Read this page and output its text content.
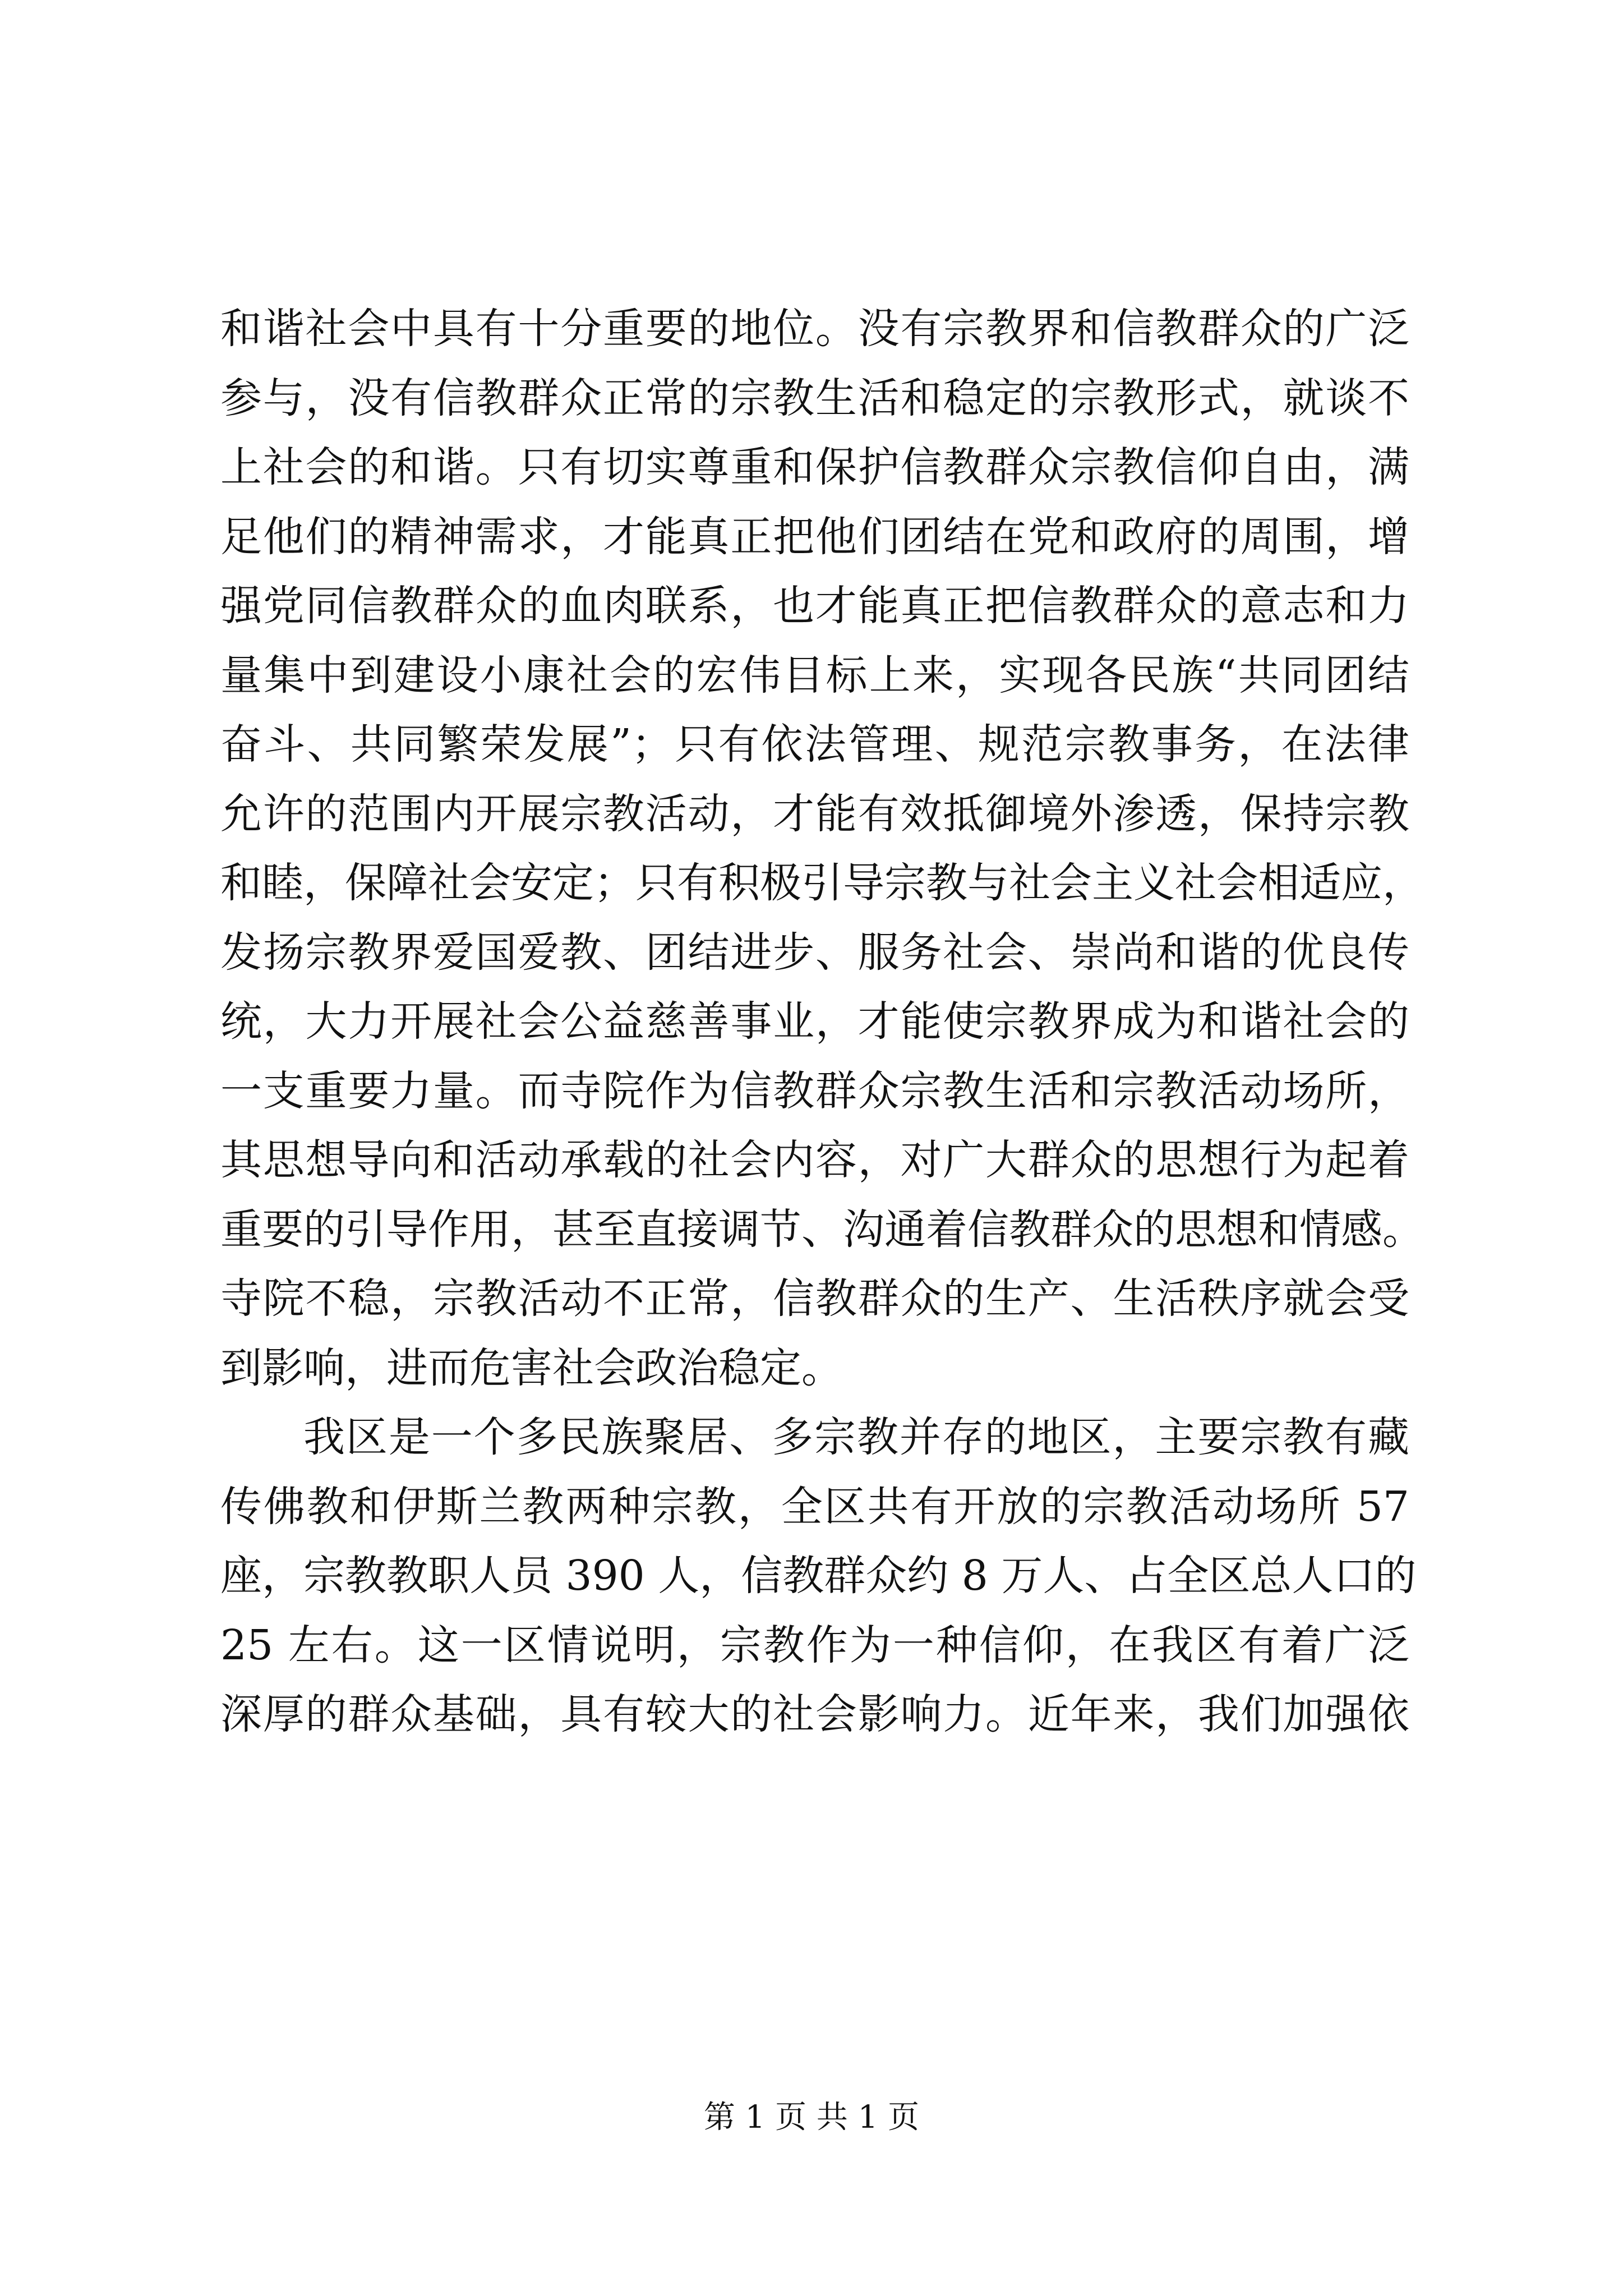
和谐社会中具有十分重要的地位。没有宗教界和信教群众的广泛
参与，没有信教群众正常的宗教生活和稳定的宗教形式，就谈不
上社会的和谐。只有切实尊重和保护信教群众宗教信仰自由，满
足他们的精神需求，才能真正把他们团结在党和政府的周围，增
强党同信教群众的血肉联系，也才能真正把信教群众的意志和力
量集中到建设小康社会的宏伟目标上来，实现各民族“共同团结
奋斗、共同繁荣发展”；只有依法管理、规范宗教事务，在法律
允许的范围内开展宗教活动，才能有效抵御境外渗透，保持宗教
和睦，保障社会安定；只有积极引导宗教与社会主义社会相适应，
发扬宗教界爱国爱教、团结进步、服务社会、崇尚和谐的优良传
统，大力开展社会公益慈善事业，才能使宗教界成为和谐社会的
一支重要力量。而寺院作为信教群众宗教生活和宗教活动场所，
其思想导向和活动承载的社会内容，对广大群众的思想行为起着
重要的引导作用，甚至直接调节、沟通着信教群众的思想和情感。
寺院不稳，宗教活动不正常，信教群众的生产、生活秩序就会受
到影响，进而危害社会政治稳定。
我区是一个多民族聚居、多宗教并存的地区，主要宗教有藏
传佛教和伊斯兰教两种宗教，全区共有开放的宗教活动场所 57
座，宗教教职人员 390 人，信教群众约 8 万人、占全区总人口的
25 左右。这一区情说明，宗教作为一种信仰，在我区有着广泛
深厚的群众基础，具有较大的社会影响力。近年来，我们加强依
第 1 页 共 1 页
